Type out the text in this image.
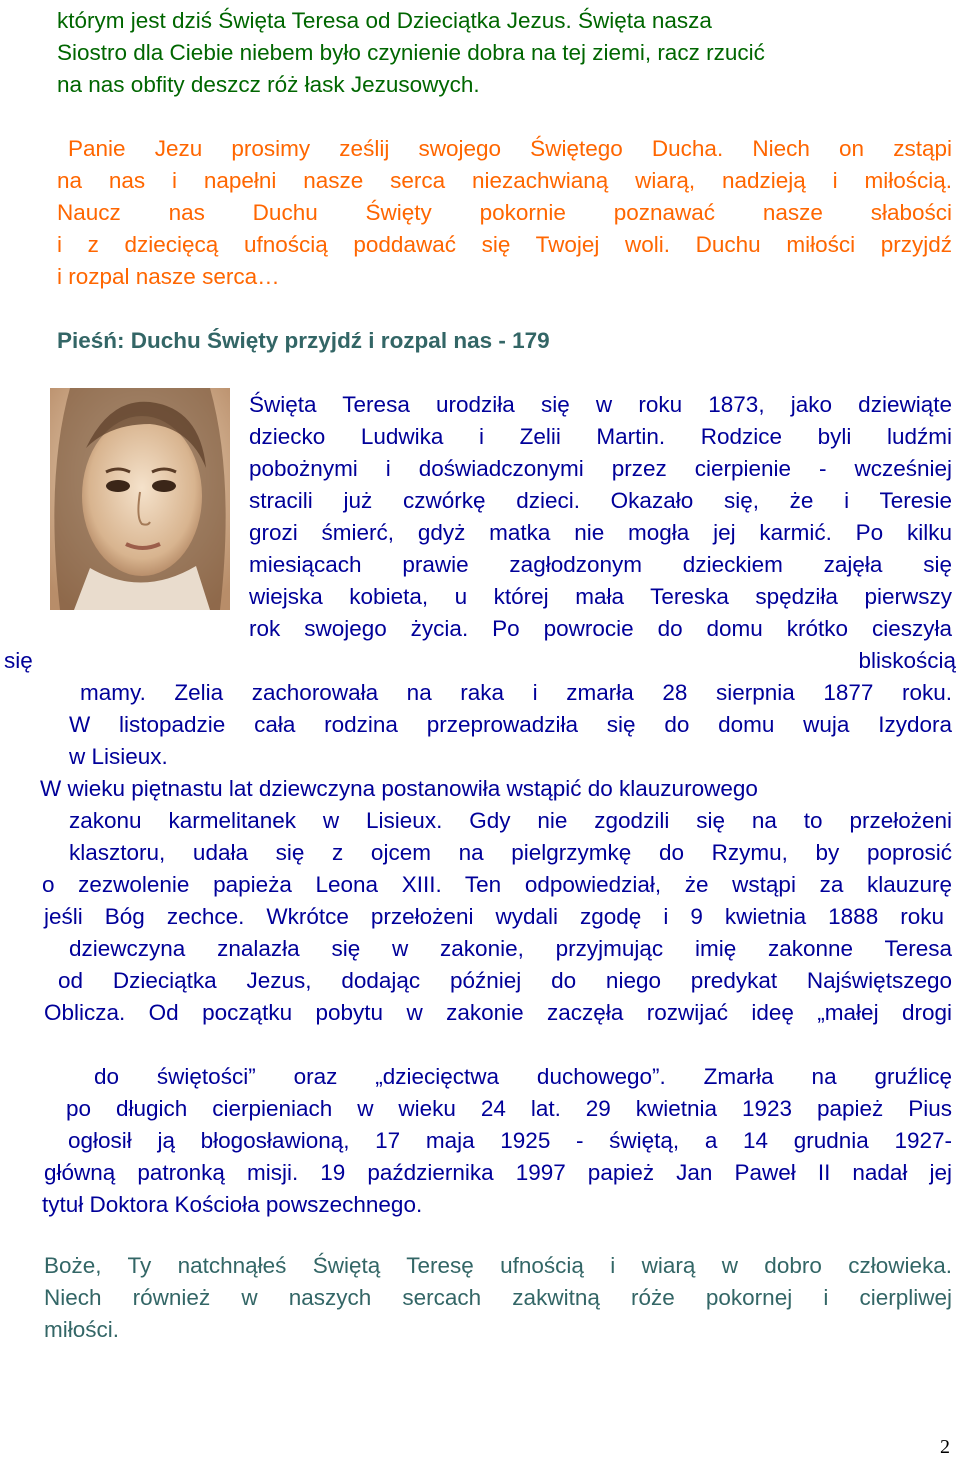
którym jest dziś Święta Teresa od Dzieciątka Jezus. Święta nasza
Siostro dla Ciebie niebem było czynienie dobra na tej ziemi, racz rzucić
na nas obfity deszcz róż łask Jezusowych.
Panie Jezu prosimy ześlij swojego Świętego Ducha. Niech on zstąpi
na nas i napełni nasze serca niezachwianą wiarą, nadzieją i miłością.
Naucz nas Duchu Święty pokornie poznawać nasze słabości
i z dziecięcą ufnością poddawać się Twojej woli. Duchu miłości przyjdź
i rozpal nasze serca…
Pieśń: Duchu Święty przyjdź i rozpal nas - 179
Święta Teresa urodziła się w roku 1873, jako dziewiąte
dziecko Ludwika i Zelii Martin. Rodzice byli ludźmi
pobożnymi i doświadczonymi przez cierpienie - wcześniej
stracili już czwórkę dzieci. Okazało się, że i Teresie
grozi śmierć, gdyż matka nie mogła jej karmić. Po kilku
miesiącach prawie zagłodzonym dzieckiem zajęła się
wiejska kobieta, u której mała Tereska spędziła pierwszy
rok swojego życia. Po powrocie do domu krótko cieszyła
się bliskością
mamy. Zelia zachorowała na raka i zmarła 28 sierpnia 1877 roku.
W listopadzie cała rodzina przeprowadziła się do domu wuja Izydora
w Lisieux.
W wieku piętnastu lat dziewczyna postanowiła wstąpić do klauzurowego
zakonu karmelitanek w Lisieux. Gdy nie zgodzili się na to przełożeni
klasztoru, udała się z ojcem na pielgrzymkę do Rzymu, by poprosić
o zezwolenie papieża Leona XIII. Ten odpowiedział, że wstąpi za klauzurę
jeśli Bóg zechce. Wkrótce przełożeni wydali zgodę i 9 kwietnia 1888 roku
dziewczyna znalazła się w zakonie, przyjmując imię zakonne Teresa
od Dzieciątka Jezus, dodając później do niego predykat Najświętszego
Oblicza. Od początku pobytu w zakonie zaczęła rozwijać ideę „małej drogi
do świętości” oraz „dziecięctwa duchowego”. Zmarła na gruźlicę
po długich cierpieniach w wieku 24 lat. 29 kwietnia 1923 papież Pius
ogłosił ją błogosławioną, 17 maja 1925 - świętą, a 14 grudnia 1927-
główną patronką misji. 19 października 1997 papież Jan Paweł II nadał jej
tytuł Doktora Kościoła powszechnego.
Boże, Ty natchnąłeś Świętą Teresę ufnością i wiarą w dobro człowieka.
Niech również w naszych sercach zakwitną róże pokornej i cierpliwej
miłości.
2
